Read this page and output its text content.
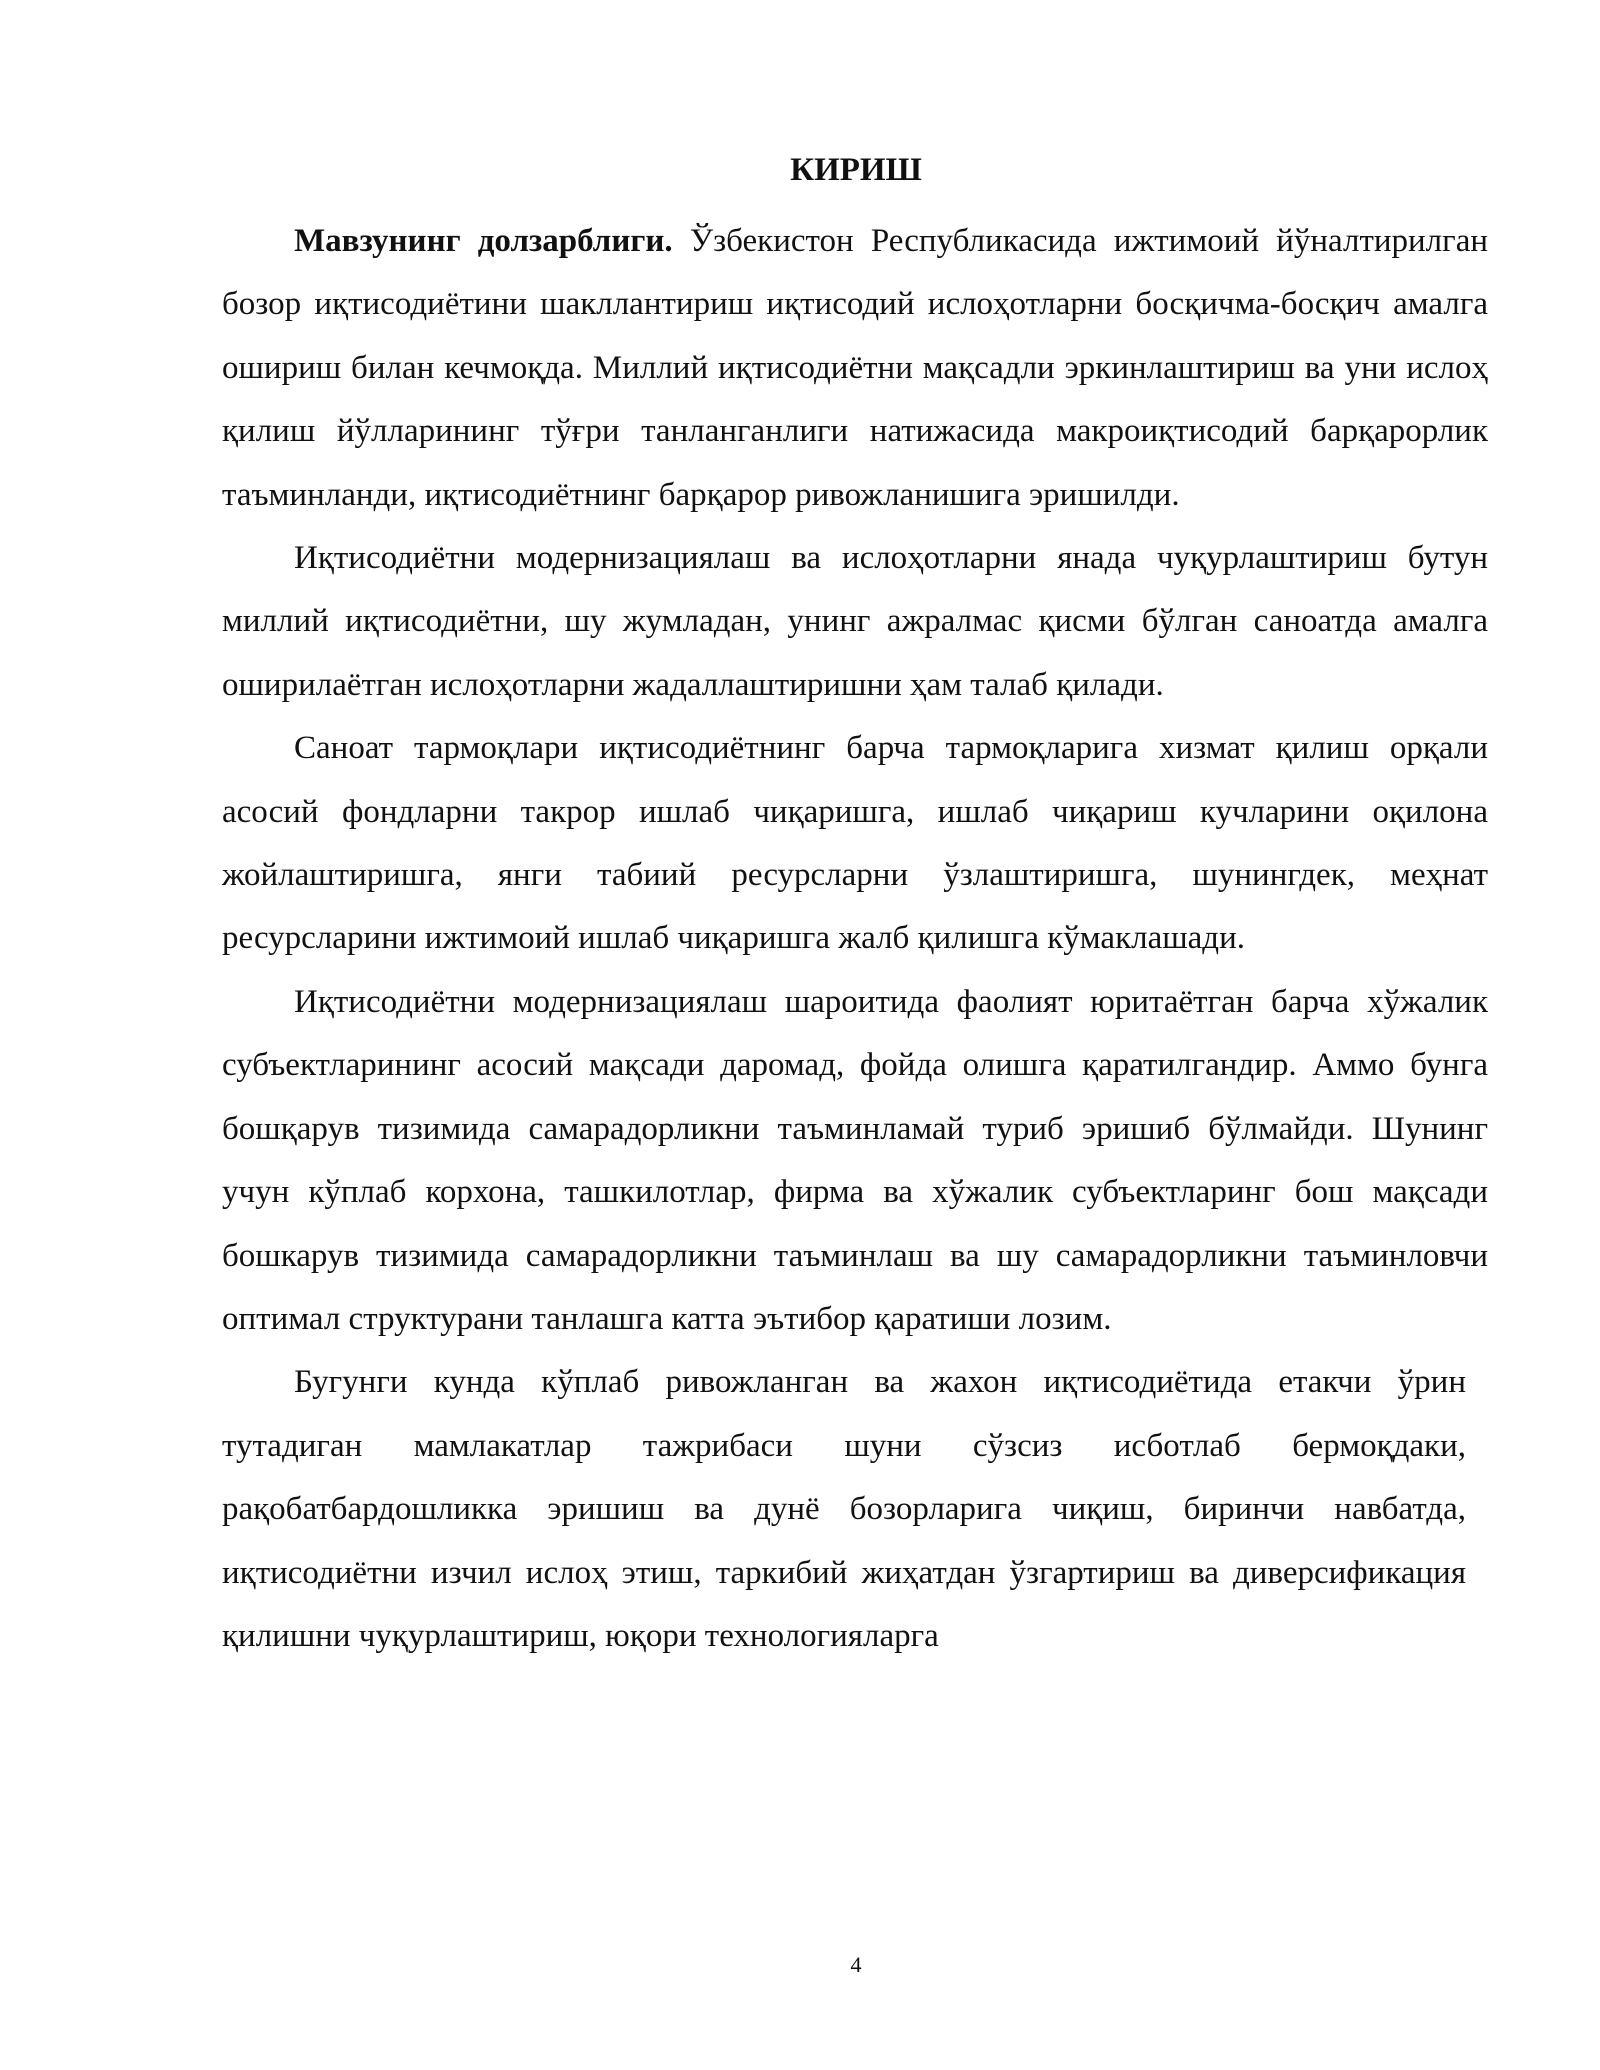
КИРИШ

Мавзунинг долзарблиги. Ўзбекистон Республикасида ижтимоий йўналтирилган бозор иқтисодиётини шакллантириш иқтисодий ислоҳотларни босқичма-босқич амалга ошириш билан кечмоқда. Миллий иқтисодиётни мақсадли эркинлаштириш ва уни ислоҳ қилиш йўлларининг тўғри танланганлиги натижасида макроиқтисодий барқарорлик таъминланди, иқтисодиётнинг барқарор ривожланишига эришилди.

Иқтисодиётни модернизациялаш ва ислоҳотларни янада чуқурлаштириш бутун миллий иқтисодиётни, шу жумладан, унинг ажралмас қисми бўлган саноатда амалга оширилаётган ислоҳотларни жадаллаштиришни ҳам талаб қилади.

Саноат тармоқлари иқтисодиётнинг барча тармоқларига хизмат қилиш орқали асосий фондларни такрор ишлаб чиқаришга, ишлаб чиқариш кучларини оқилона жойлаштиришга, янги табиий ресурсларни ўзлаштиришга, шунингдек, меҳнат ресурсларини ижтимоий ишлаб чиқаришга жалб қилишга кўмаклашади.

Иқтисодиётни модернизациялаш шароитида фаолият юритаётган барча хўжалик субъектларининг асосий мақсади даромад, фойда олишга қаратилгандир. Аммо бунга бошқарув тизимида самарадорликни таъминламай туриб эришиб бўлмайди. Шунинг учун кўплаб корхона, ташкилотлар, фирма ва хўжалик субъектларинг бош мақсади бошкарув тизимида самарадорликни таъминлаш ва шу самарадорликни таъминловчи оптимал структурани танлашга катта эътибор қаратиши лозим.

Бугунги кунда кўплаб ривожланган ва жахон иқтисодиётида етакчи ўрин тутадиган мамлакатлар тажрибаси шуни сўзсиз исботлаб бермоқдаки, рақобатбардошликка эришиш ва дунё бозорларига чиқиш, биринчи навбатда, иқтисодиётни изчил ислоҳ этиш, таркибий жиҳатдан ўзгартириш ва диверсификация қилишни чуқурлаштириш, юқори технологияларга

4
